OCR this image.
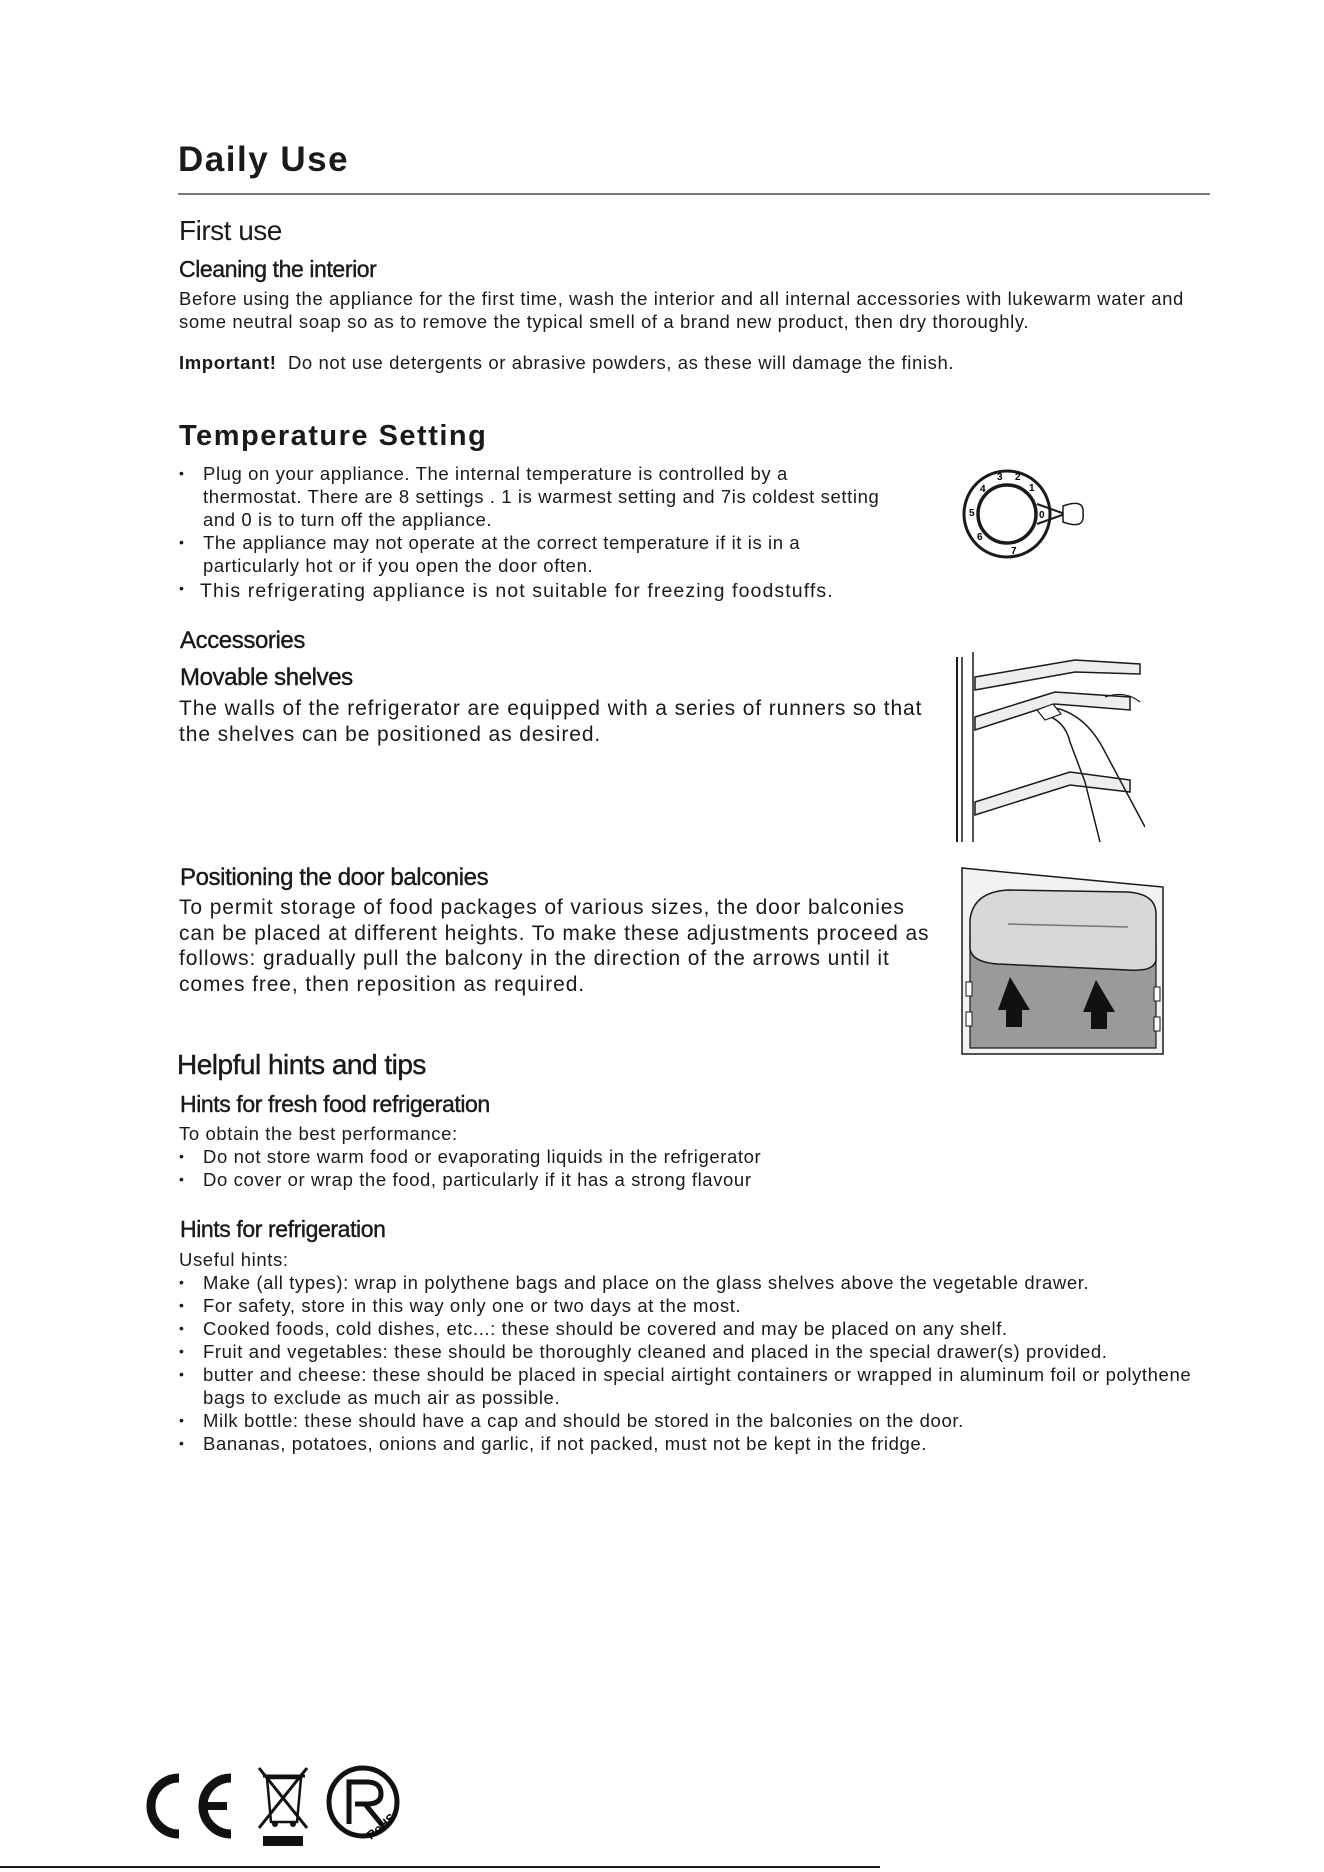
Daily Use
First use
Cleaning the interior

Before using the appliance for the first time, wash the interior and all internal accessories with lukewarm water and some neutral soap so as to remove the typical smell of a brand new product, then dry thoroughly.

Important! Do not use detergents or abrasive powders, as these will damage the finish.

Temperature Setting
• Plug on your appliance. The internal temperature is controlled by a thermostat. There are 8 settings . 1 is warmest setting and 7is coldest setting and 0 is to turn off the appliance.
• The appliance may not operate at the correct temperature if it is in a particularly hot or if you open the door often.
• This refrigerating appliance is not suitable for freezing foodstuffs.
0
1
2
3
4
5
6
7
Accessories
Movable shelves

The walls of the refrigerator are equipped with a series of runners so that the shelves can be positioned as desired.

Positioning the door balconies

To permit storage of food packages of various sizes, the door balconies can be placed at different heights. To make these adjustments proceed as follows: gradually pull the balcony in the direction of the arrows until it comes free, then reposition as required.

Helpful hints and tips
Hints for fresh food refrigeration

To obtain the best performance:

• Do not store warm food or evaporating liquids in the refrigerator
• Do cover or wrap the food, particularly if it has a strong flavour
Hints for refrigeration

Useful hints:

• Make (all types): wrap in polythene bags and place on the glass shelves above the vegetable drawer.
• For safety, store in this way only one or two days at the most.
• Cooked foods, cold dishes, etc...: these should be covered and may be placed on any shelf.
• Fruit and vegetables: these should be thoroughly cleaned and placed in the special drawer(s) provided.
• butter and cheese: these should be placed in special airtight containers or wrapped in aluminum foil or polythene bags to exclude as much air as possible.
• Milk bottle: these should have a cap and should be stored in the balconies on the door.
• Bananas, potatoes, onions and garlic, if not packed, must not be kept in the fridge.
RoHS
